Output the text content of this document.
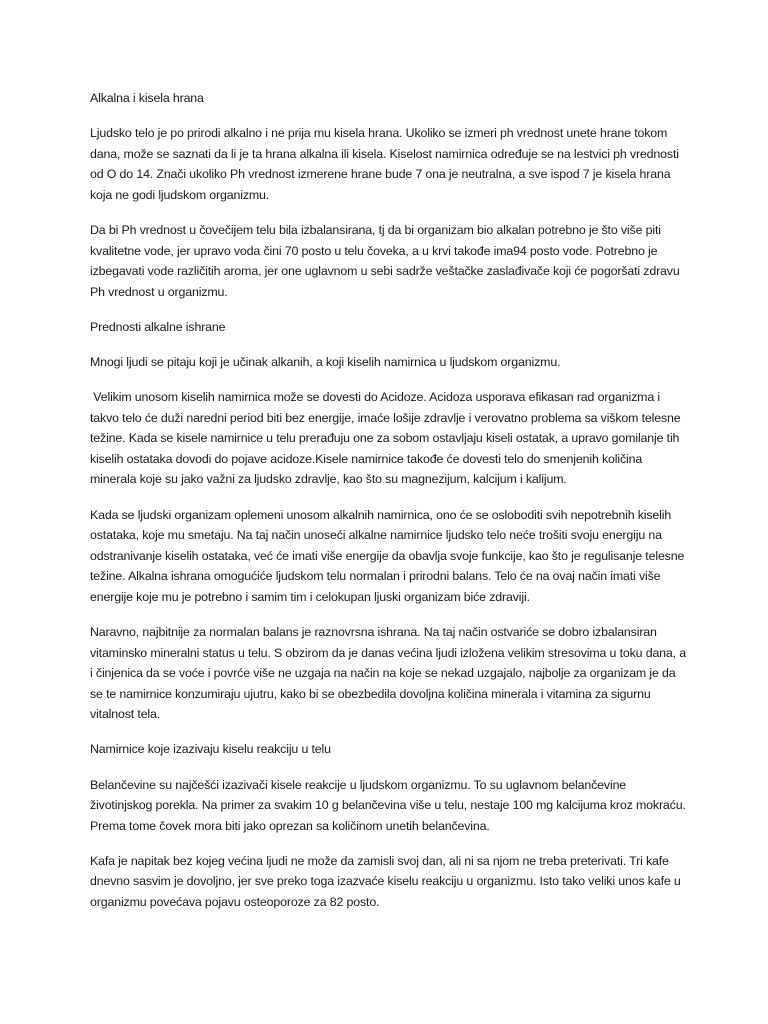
Alkalna i kisela hrana

Ljudsko telo je po prirodi alkalno i ne prija mu kisela hrana. Ukoliko se izmeri ph vrednost unete hrane tokom dana, može se saznati da li je ta hrana alkalna ili kisela. Kiselost namirnica određuje se na lestvici ph vrednosti od O do 14. Znači ukoliko Ph vrednost izmerene hrane bude 7 ona je neutralna, a sve ispod 7 je kisela hrana koja ne godi ljudskom organizmu.

Da bi Ph vrednost u čovečijem telu bila izbalansirana, tj da bi organizam bio alkalan potrebno je što više piti kvalitetne vode, jer upravo voda čini 70 posto u telu čoveka, a u krvi takođe ima94 posto vode. Potrebno je izbegavati vode različitih aroma, jer one uglavnom u sebi sadrže veštačke zaslađivače koji će pogoršati zdravu Ph vrednost u organizmu.

Prednosti alkalne ishrane

Mnogi ljudi se pitaju koji je učinak alkanih, a koji kiselih namirnica u ljudskom organizmu.

Velikim unosom kiselih namirnica može se dovesti do Acidoze. Acidoza usporava efikasan rad organizma i takvo telo će duži naredni period biti bez energije, imaće lošije zdravlje i verovatno problema sa viškom telesne težine. Kada se kisele namirnice u telu prerađuju one za sobom ostavljaju kiseli ostatak, a upravo gomilanje tih kiselih ostataka dovodi do pojave acidoze.Kisele namirnice takođe će dovesti telo do smenjenih količina minerala koje su jako važni za ljudsko zdravlje, kao što su magnezijum, kalcijum i kalijum.

Kada se ljudski organizam oplemeni unosom alkalnih namirnica, ono će se osloboditi svih nepotrebnih kiselih ostataka, koje mu smetaju. Na taj način unoseći alkalne namirnice ljudsko telo neće trošiti svoju energiju na odstranivanje kiselih ostataka, već će imati više energije da obavlja svoje funkcije, kao što je regulisanje telesne težine. Alkalna ishrana omogućiće ljudskom telu normalan i prirodni balans. Telo će na ovaj način imati više energije koje mu je potrebno i samim tim i celokupan ljuski organizam biće zdraviji.

Naravno, najbitnije za normalan balans je raznovrsna ishrana. Na taj način ostvariće se dobro izbalansiran vitaminsko mineralni status u telu. S obzirom da je danas većina ljudi izložena velikim stresovima u toku dana, a i činjenica da se voće i povrće više ne uzgaja na način na koje se nekad uzgajalo, najbolje za organizam je da se te namirnice konzumiraju ujutru, kako bi se obezbedila dovoljna količina minerala i vitamina za sigurnu vitalnost tela.

Namirnice koje izazivaju kiselu reakciju u telu

Belančevine su najčešći izazivači kisele reakcije u ljudskom organizmu. To su uglavnom belančevine životinjskog porekla. Na primer za svakim 10 g belančevina više u telu, nestaje 100 mg kalcijuma kroz mokraću. Prema tome čovek mora biti jako oprezan sa količinom unetih belančevina.

Kafa je napitak bez kojeg većina ljudi ne može da zamisli svoj dan, ali ni sa njom ne treba preterivati. Tri kafe dnevno sasvim je dovoljno, jer sve preko toga izazvaće kiselu reakciju u organizmu. Isto tako veliki unos kafe u organizmu povećava pojavu osteoporoze za 82 posto.
